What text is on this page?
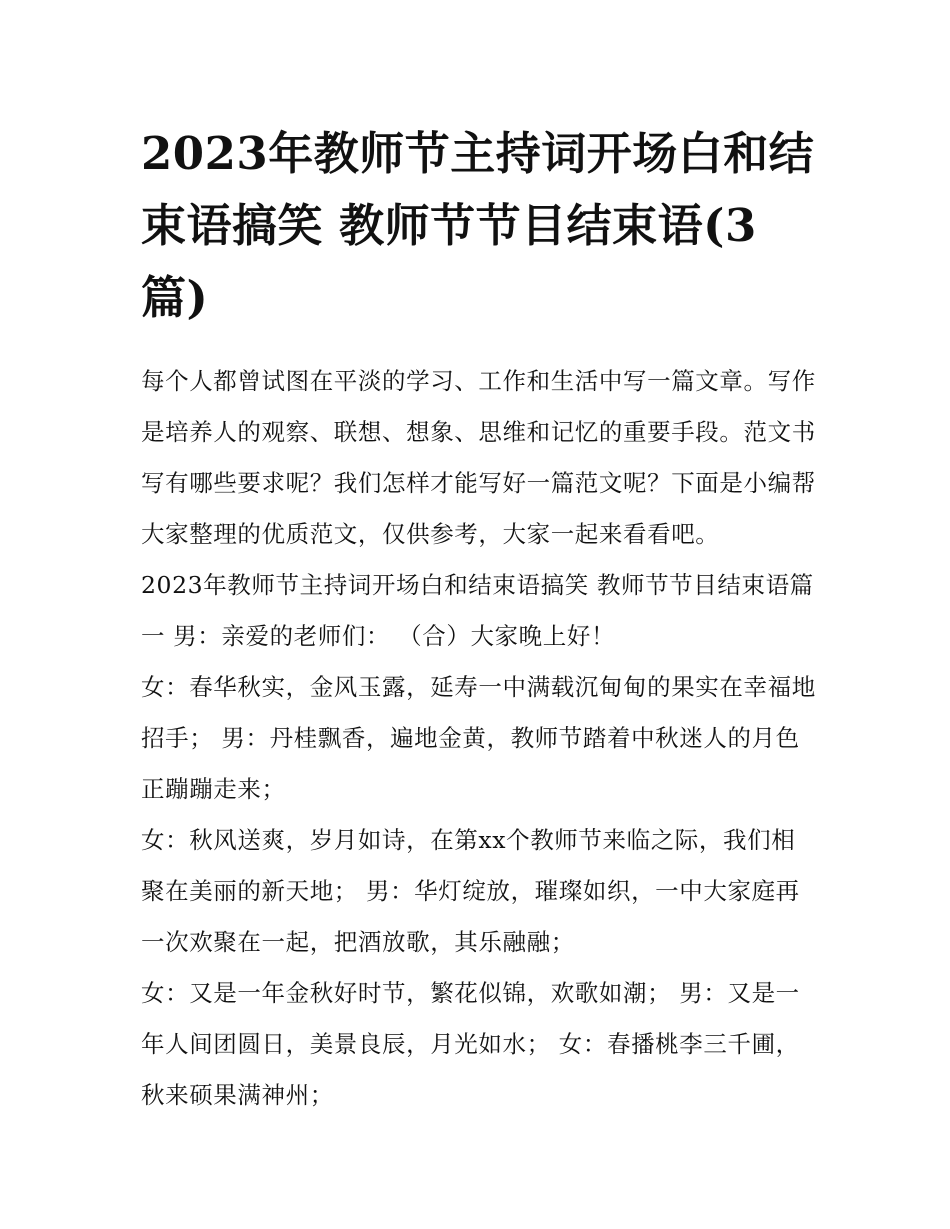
2023年教师节主持词开场白和结束语搞笑 教师节节目结束语(3篇)

每个人都曾试图在平淡的学习、工作和生活中写一篇文章。写作是培养人的观察、联想、想象、思维和记忆的重要手段。范文书写有哪些要求呢？我们怎样才能写好一篇范文呢？下面是小编帮大家整理的优质范文，仅供参考，大家一起来看看吧。

2023年教师节主持词开场白和结束语搞笑 教师节节目结束语篇一 男：亲爱的老师们： （合）大家晚上好！

女：春华秋实，金风玉露，延寿一中满载沉甸甸的果实在幸福地招手； 男：丹桂飘香，遍地金黄，教师节踏着中秋迷人的月色正蹦蹦走来；

女：秋风送爽，岁月如诗，在第xx个教师节来临之际，我们相聚在美丽的新天地； 男：华灯绽放，璀璨如织，一中大家庭再一次欢聚在一起，把酒放歌，其乐融融；

女：又是一年金秋好时节，繁花似锦，欢歌如潮； 男：又是一年人间团圆日，美景良辰，月光如水； 女：春播桃李三千圃，秋来硕果满神州；
